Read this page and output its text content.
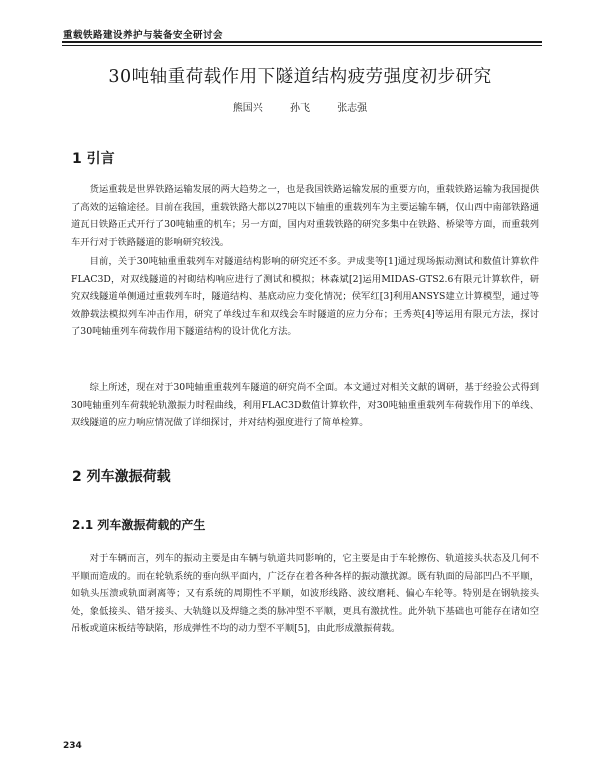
重载铁路建设养护与装备安全研讨会
30吨轴重荷载作用下隧道结构疲劳强度初步研究
熊国兴	孙飞	张志强
1 引言

货运重载是世界铁路运输发展的两大趋势之一，也是我国铁路运输发展的重要方向，重载铁路运输为我国提供了高效的运输途径。目前在我国，重载铁路大都以27吨以下轴重的重载列车为主要运输车辆，仅山西中南部铁路通道瓦日铁路正式开行了30吨轴重的机车；另一方面，国内对重载铁路的研究多集中在铁路、桥梁等方面，而重载列车开行对于铁路隧道的影响研究较浅。

目前，关于30吨轴重重载列车对隧道结构影响的研究还不多。尹成斐等[1]通过现场振动测试和数值计算软件FLAC3D，对双线隧道的衬砌结构响应进行了测试和模拟；林森斌[2]运用MIDAS-GTS2.6有限元计算软件，研究双线隧道单侧通过重载列车时，隧道结构、基底动应力变化情况；侯军红[3]利用ANSYS建立计算模型，通过等效静载法模拟列车冲击作用，研究了单线过车和双线会车时隧道的应力分布；王秀英[4]等运用有限元方法，探讨了30吨轴重列车荷载作用下隧道结构的设计优化方法。

综上所述，现在对于30吨轴重重载列车隧道的研究尚不全面。本文通过对相关文献的调研，基于经验公式得到30吨轴重列车荷载轮轨激振力时程曲线，利用FLAC3D数值计算软件，对30吨轴重重载列车荷载作用下的单线、双线隧道的应力响应情况做了详细探讨，并对结构强度进行了简单检算。

2 列车激振荷载
2.1 列车激振荷载的产生

对于车辆而言，列车的振动主要是由车辆与轨道共同影响的，它主要是由于车轮擦伤、轨道接头状态及几何不平顺而造成的。而在轮轨系统的垂向纵平面内，广泛存在着各种各样的振动激扰源。既有轨面的局部凹凸不平顺，如轨头压溃或轨面剥离等；又有系统的周期性不平顺，如波形线路、波纹磨耗、偏心车轮等。特别是在钢轨接头处，象低接头、错牙接头、大轨缝以及焊缝之类的脉冲型不平顺，更具有激扰性。此外轨下基础也可能存在诸如空吊板或道床板结等缺陷，形成弹性不均的动力型不平顺[5]，由此形成激振荷载。

234
